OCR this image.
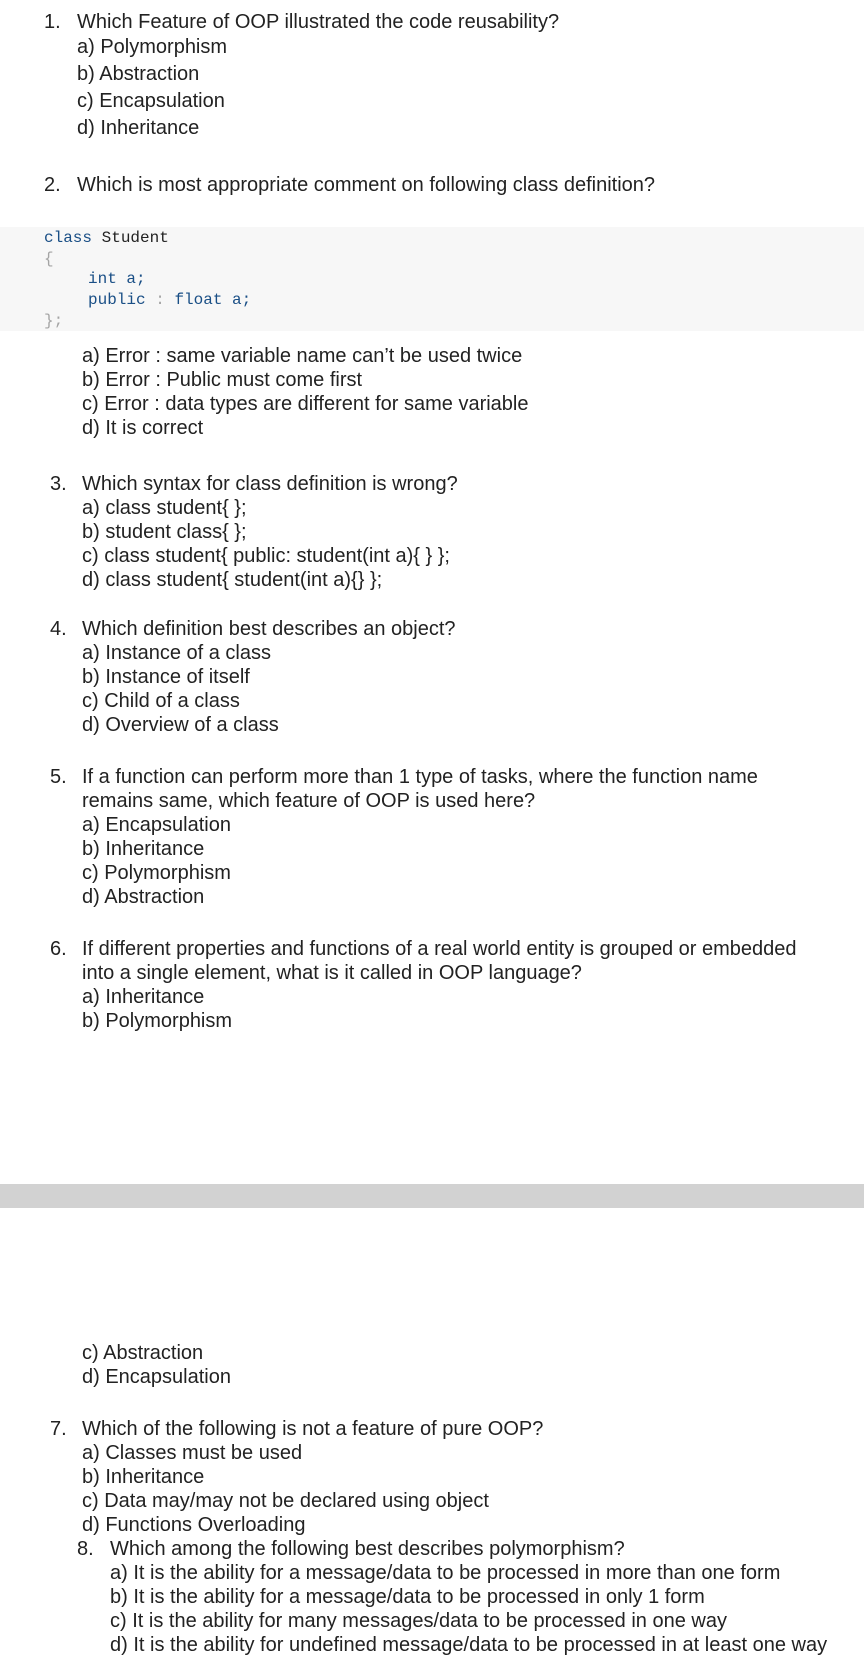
1. Which Feature of OOP illustrated the code reusability?
a) Polymorphism
b) Abstraction
c) Encapsulation
d) Inheritance
2. Which is most appropriate comment on following class definition?
class Student
{
int a;
public : float a;
};
a) Error : same variable name can’t be used twice
b) Error : Public must come first
c) Error : data types are different for same variable
d) It is correct
3. Which syntax for class definition is wrong?
a) class student{ };
b) student class{ };
c) class student{ public: student(int a){ } };
d) class student{ student(int a){} };
4. Which definition best describes an object?
a) Instance of a class
b) Instance of itself
c) Child of a class
d) Overview of a class
5. If a function can perform more than 1 type of tasks, where the function name
remains same, which feature of OOP is used here?
a) Encapsulation
b) Inheritance
c) Polymorphism
d) Abstraction
6. If different properties and functions of a real world entity is grouped or embedded
into a single element, what is it called in OOP language?
a) Inheritance
b) Polymorphism
c) Abstraction
d) Encapsulation
7. Which of the following is not a feature of pure OOP?
a) Classes must be used
b) Inheritance
c) Data may/may not be declared using object
d) Functions Overloading
8. Which among the following best describes polymorphism?
a) It is the ability for a message/data to be processed in more than one form
b) It is the ability for a message/data to be processed in only 1 form
c) It is the ability for many messages/data to be processed in one way
d) It is the ability for undefined message/data to be processed in at least one way
